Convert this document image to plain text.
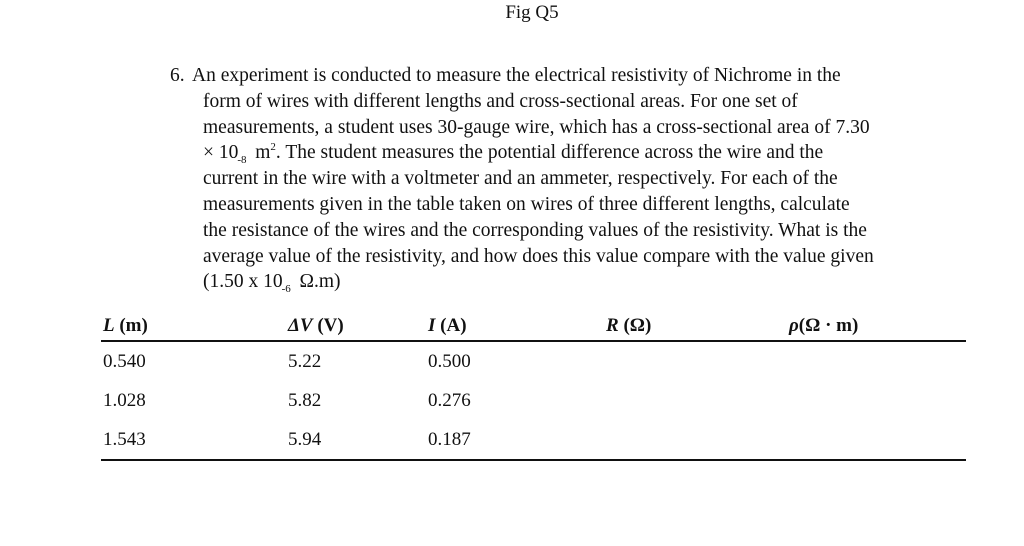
Fig Q5
6. An experiment is conducted to measure the electrical resistivity of Nichrome in the
form of wires with different lengths and cross-sectional areas. For one set of
measurements, a student uses 30-gauge wire, which has a cross-sectional area of 7.30
× 10 -8 $m^2$. The student measures the potential difference across the wire and the
current in the wire with a voltmeter and an ammeter, respectively. For each of the
measurements given in the table taken on wires of three different lengths, calculate
the resistance of the wires and the corresponding values of the resistivity. What is the
average value of the resistivity, and how does this value compare with the value given
(1.50 x 10 -6 Ω.m)
L (m)	ΔV (V)	I (A)	R (Ω)	ρ(Ω · m)
0.540	5.22	0.500		
1.028	5.82	0.276		
1.543	5.94	0.187		
